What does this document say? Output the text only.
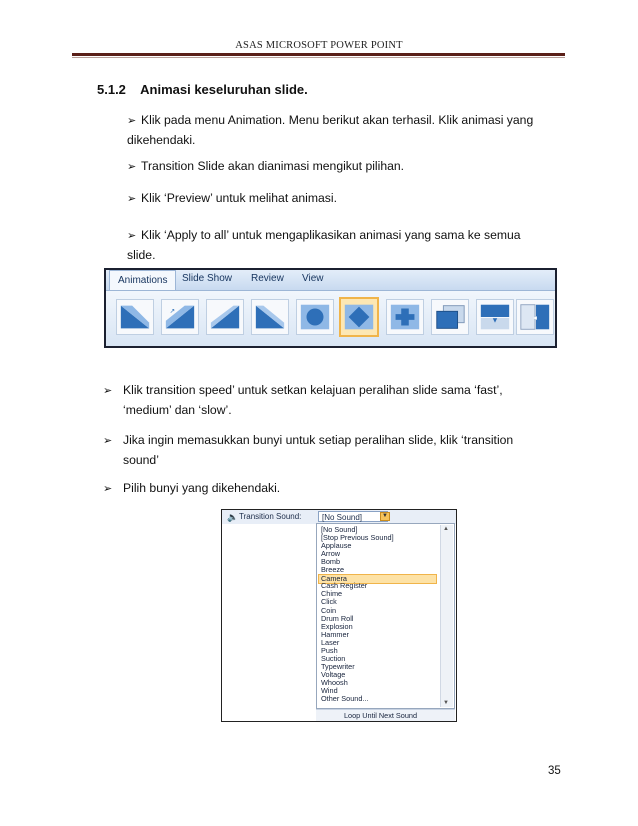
ASAS MICROSOFT POWER POINT
5.1.2 Animasi keseluruhan slide.
➢ Klik pada menu Animation. Menu berikut akan terhasil. Klik animasi yang
dikehendaki.
➢ Transition Slide akan dianimasi mengikut pilihan.
➢ Klik ‘Preview’ untuk melihat animasi.
➢ Klik ‘Apply to all’ untuk mengaplikasikan animasi yang sama ke semua
slide.
Animations	Slide Show Review View
↗
▼	◂
➢ Klik transition speed’ untuk setkan kelajuan peralihan slide sama ‘fast’,
‘medium’ dan ‘slow’.
➢ Jika ingin memasukkan bunyi untuk setiap peralihan slide, klik ‘transition
sound’
➢ Pilih bunyi yang dikehendaki.
🔈 Transition Sound:	[No Sound]	▼
[No Sound]
[Stop Previous Sound]
Applause
Arrow
Bomb
Breeze
Camera
Cash Register
Chime
Click
Coin
Drum Roll
Explosion
Hammer
Laser
Push
Suction
Typewriter
Voltage
Whoosh
Wind
Other Sound...
▲
▼
Loop Until Next Sound
35
